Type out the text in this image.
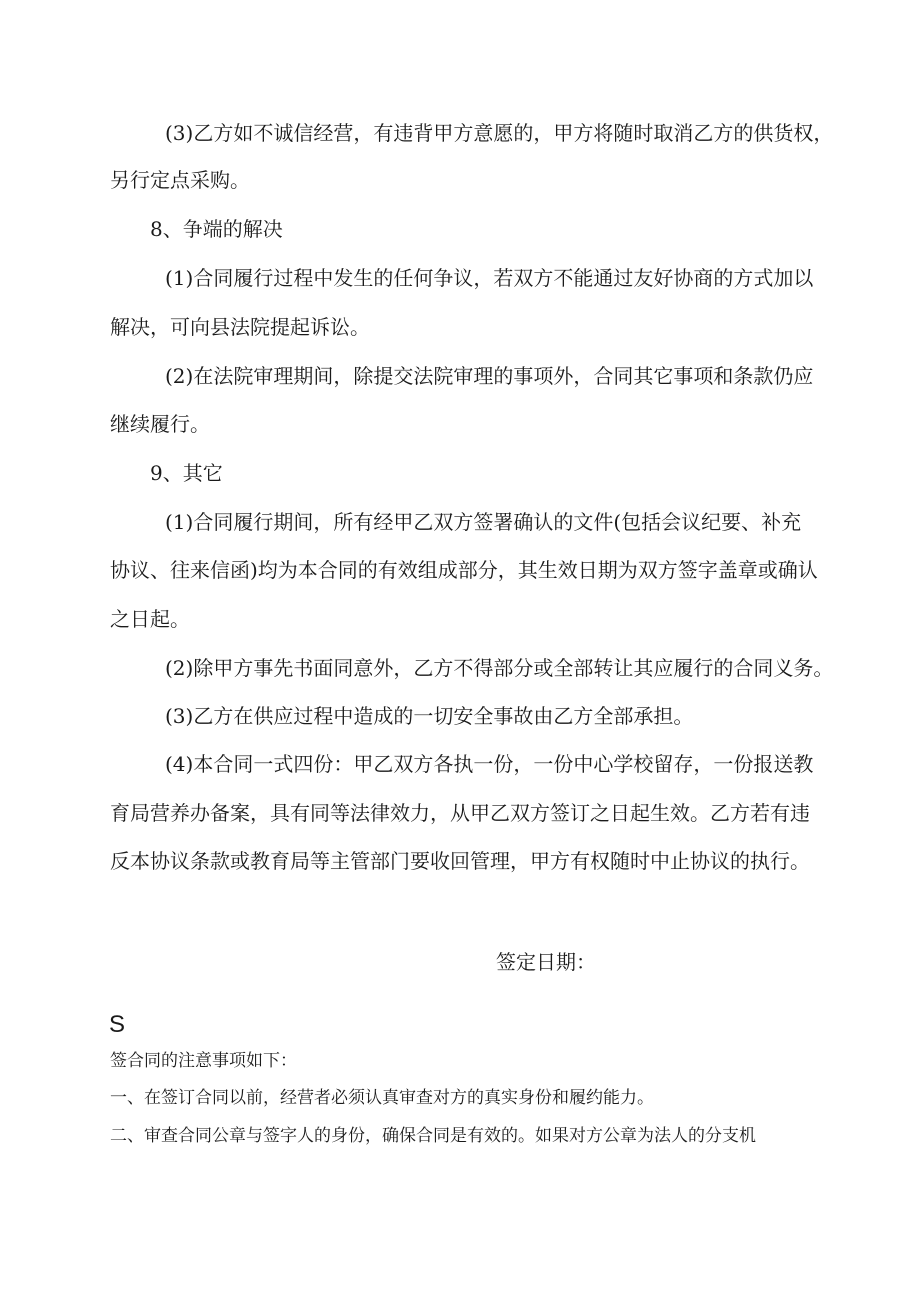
(3)乙方如不诚信经营，有违背甲方意愿的，甲方将随时取消乙方的供货权，
另行定点采购。
8、争端的解决
(1)合同履行过程中发生的任何争议，若双方不能通过友好协商的方式加以
解决，可向县法院提起诉讼。
(2)在法院审理期间，除提交法院审理的事项外，合同其它事项和条款仍应
继续履行。
9、其它
(1)合同履行期间，所有经甲乙双方签署确认的文件(包括会议纪要、补充
协议、往来信函)均为本合同的有效组成部分，其生效日期为双方签字盖章或确认
之日起。
(2)除甲方事先书面同意外，乙方不得部分或全部转让其应履行的合同义务。
(3)乙方在供应过程中造成的一切安全事故由乙方全部承担。
(4)本合同一式四份：甲乙双方各执一份，一份中心学校留存，一份报送教
育局营养办备案，具有同等法律效力，从甲乙双方签订之日起生效。乙方若有违
反本协议条款或教育局等主管部门要收回管理，甲方有权随时中止协议的执行。
签定日期：
S
签合同的注意事项如下：
一、在签订合同以前，经营者必须认真审查对方的真实身份和履约能力。
二、审查合同公章与签字人的身份，确保合同是有效的。如果对方公章为法人的分支机
